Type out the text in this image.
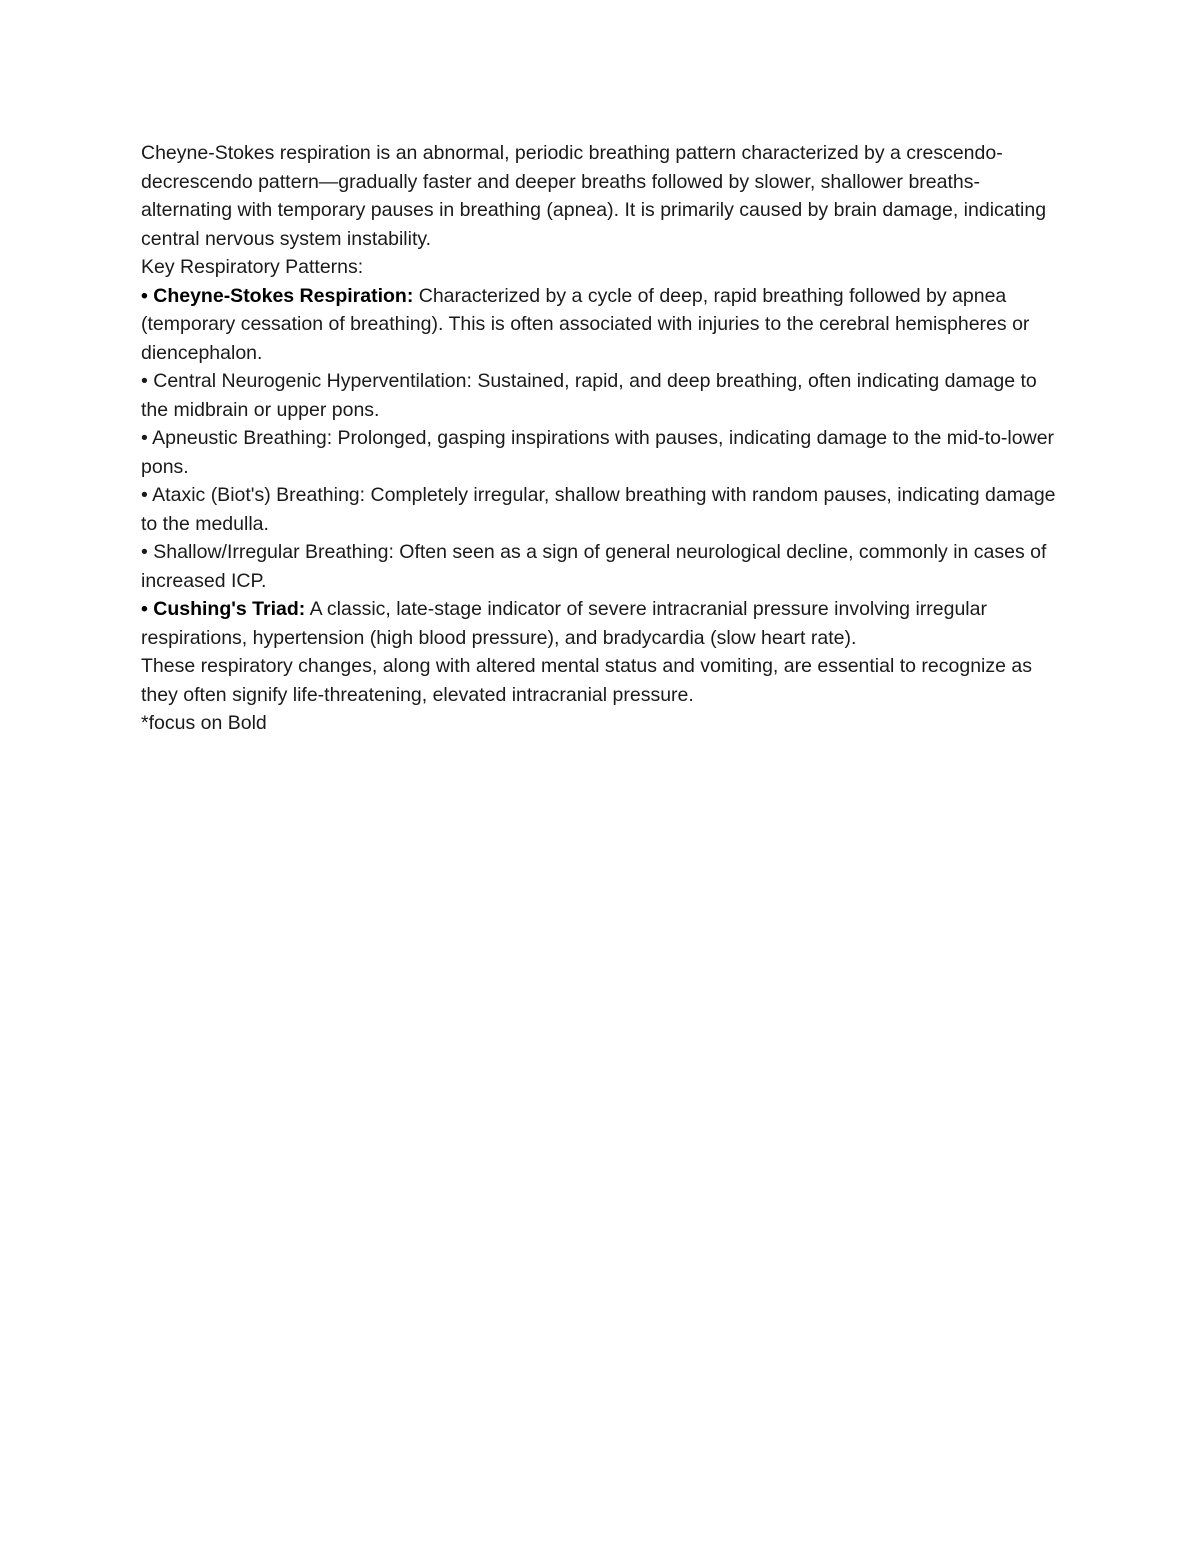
Cheyne-Stokes respiration is an abnormal, periodic breathing pattern characterized by a crescendo-decrescendo pattern—gradually faster and deeper breaths followed by slower, shallower breaths-alternating with temporary pauses in breathing (apnea). It is primarily caused by brain damage, indicating central nervous system instability.

Key Respiratory Patterns:

• Cheyne-Stokes Respiration: Characterized by a cycle of deep, rapid breathing followed by apnea (temporary cessation of breathing). This is often associated with injuries to the cerebral hemispheres or diencephalon.

• Central Neurogenic Hyperventilation: Sustained, rapid, and deep breathing, often indicating damage to the midbrain or upper pons.

• Apneustic Breathing: Prolonged, gasping inspirations with pauses, indicating damage to the mid-to-lower pons.

• Ataxic (Biot's) Breathing: Completely irregular, shallow breathing with random pauses, indicating damage to the medulla.

• Shallow/Irregular Breathing: Often seen as a sign of general neurological decline, commonly in cases of increased ICP.

• Cushing's Triad: A classic, late-stage indicator of severe intracranial pressure involving irregular respirations, hypertension (high blood pressure), and bradycardia (slow heart rate).

These respiratory changes, along with altered mental status and vomiting, are essential to recognize as they often signify life-threatening, elevated intracranial pressure.

*focus on Bold
